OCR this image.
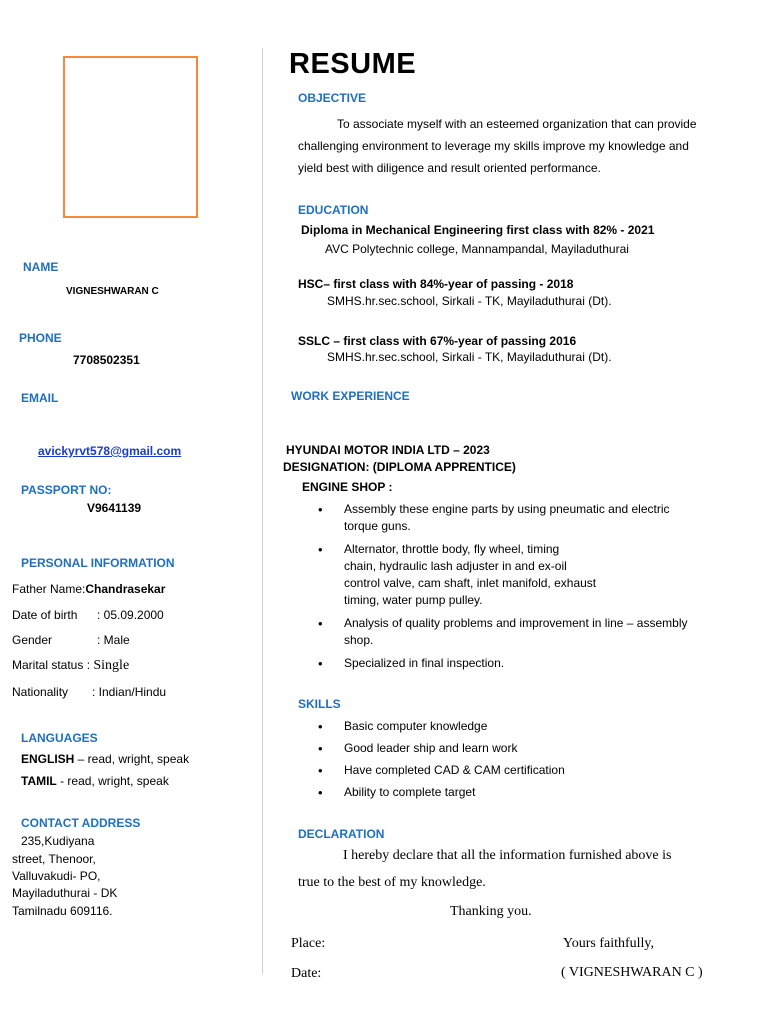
NAME
VIGNESHWARAN C
PHONE
7708502351
EMAIL
avickyrvt578@gmail.com
PASSPORT NO:
V9641139
PERSONAL INFORMATION
Father Name:Chandrasekar
Date of birth : 05.09.2000
Gender	: Male
Marital status : Single
Nationality : Indian/Hindu
LANGUAGES
ENGLISH – read, wright, speak
TAMIL - read, wright, speak
CONTACT ADDRESS
235,Kudiyana
street, Thenoor,
Valluvakudi- PO,
Mayiladuthurai - DK
Tamilnadu 609116.
RESUME
OBJECTIVE
To associate myself with an esteemed organization that can provide
challenging environment to leverage my skills improve my knowledge and
yield best with diligence and result oriented performance.
EDUCATION
Diploma in Mechanical Engineering first class with 82% - 2021
AVC Polytechnic college, Mannampandal, Mayiladuthurai
HSC– first class with 84%-year of passing - 2018
SMHS.hr.sec.school, Sirkali - TK, Mayiladuthurai (Dt).
SSLC – first class with 67%-year of passing 2016
SMHS.hr.sec.school, Sirkali - TK, Mayiladuthurai (Dt).
WORK EXPERIENCE
HYUNDAI MOTOR INDIA LTD – 2023
DESIGNATION: (DIPLOMA APPRENTICE)
ENGINE SHOP :
• Assembly these engine parts by using pneumatic and electric
torque guns.
• Alternator, throttle body, fly wheel, timing
chain, hydraulic lash adjuster in and ex-oil
control valve, cam shaft, inlet manifold, exhaust
timing, water pump pulley.
• Analysis of quality problems and improvement in line – assembly
shop.
• Specialized in final inspection.
SKILLS
• Basic computer knowledge
• Good leader ship and learn work
• Have completed CAD & CAM certification
• Ability to complete target
DECLARATION
I hereby declare that all the information furnished above is
true to the best of my knowledge.
Thanking you.
Place:	Yours faithfully,
Date:	( VIGNESHWARAN C )
